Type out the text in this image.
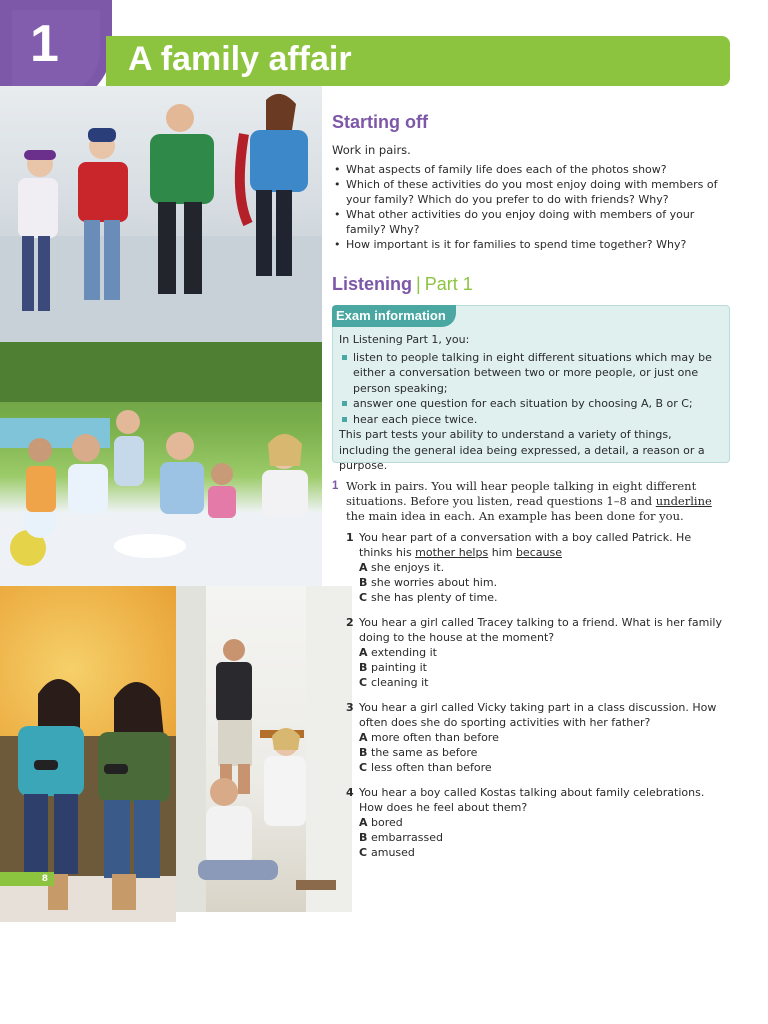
1 A family affair
8
Starting off

Work in pairs.

• What aspects of family life does each of the photos show?
• Which of these activities do you most enjoy doing with members of your family? Which do you prefer to do with friends? Why?
• What other activities do you enjoy doing with members of your family? Why?
• How important is it for families to spend time together? Why?
Listening | Part 1
Exam information
In Listening Part 1, you:
listen to people talking in eight different situations which may be either a conversation between two or more people, or just one person speaking;
answer one question for each situation by choosing A, B or C;
hear each piece twice.
This part tests your ability to understand a variety of things, including the general idea being expressed, a detail, a reason or a purpose.
1 Work in pairs. You will hear people talking in eight different situations. Before you listen, read questions 1–8 and underline the main idea in each. An example has been done for you.
1 You hear part of a conversation with a boy called Patrick. He thinks his mother helps him because
A she enjoys it.
B she worries about him.
C she has plenty of time.
2 You hear a girl called Tracey talking to a friend. What is her family doing to the house at the moment?
A extending it
B painting it
C cleaning it
3 You hear a girl called Vicky taking part in a class discussion. How often does she do sporting activities with her father?
A more often than before
B the same as before
C less often than before
4 You hear a boy called Kostas talking about family celebrations. How does he feel about them?
A bored
B embarrassed
C amused
